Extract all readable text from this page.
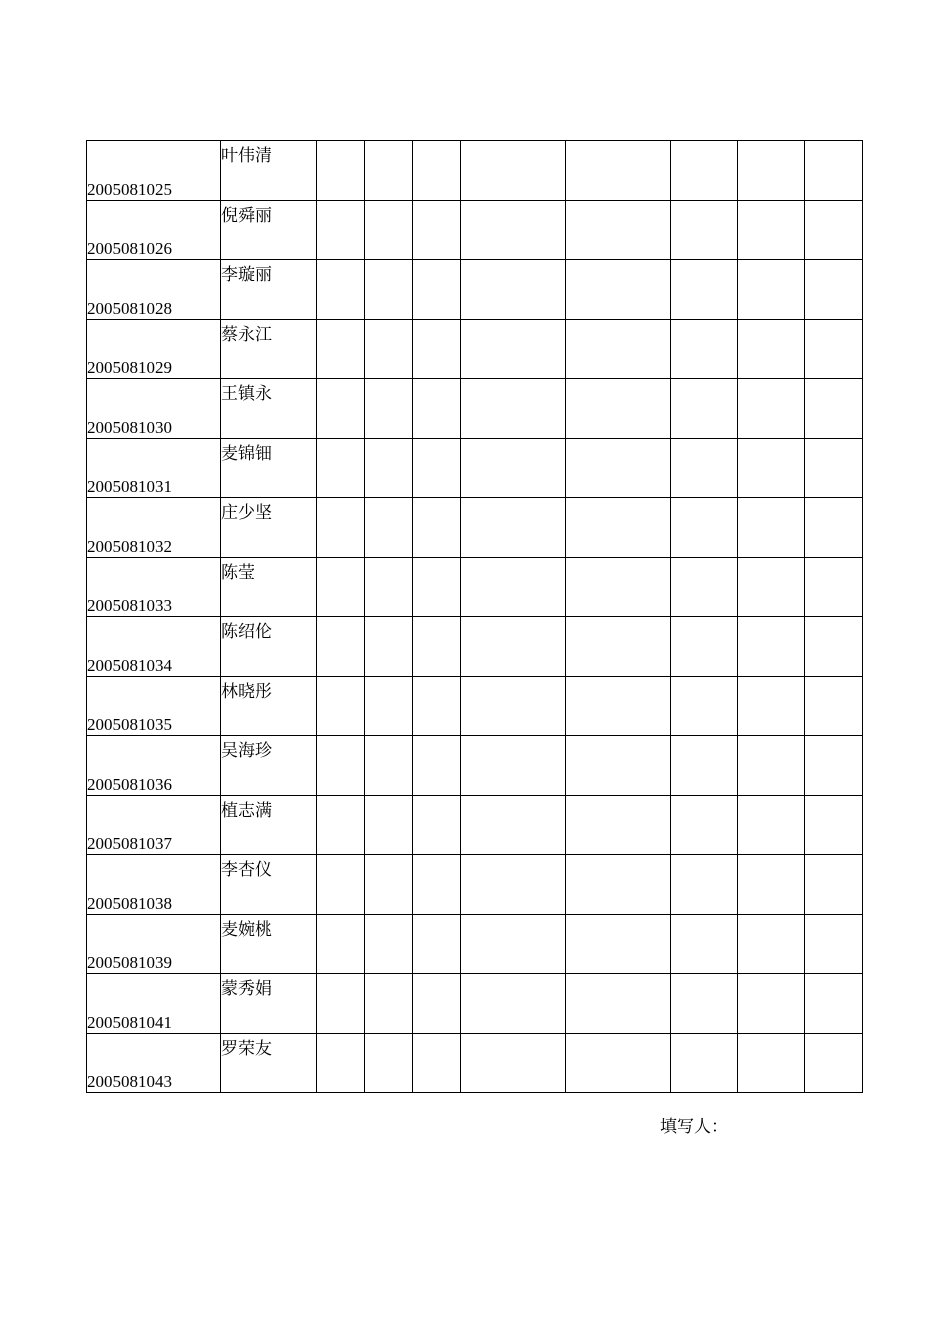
2005081025	叶伟清								
2005081026	倪舜丽								
2005081028	李璇丽								
2005081029	蔡永江								
2005081030	王镇永								
2005081031	麦锦钿								
2005081032	庄少坚								
2005081033	陈莹								
2005081034	陈绍伦								
2005081035	林晓彤								
2005081036	吴海珍								
2005081037	植志满								
2005081038	李杏仪								
2005081039	麦婉桃								
2005081041	蒙秀娟								
2005081043	罗荣友								
填写人：
